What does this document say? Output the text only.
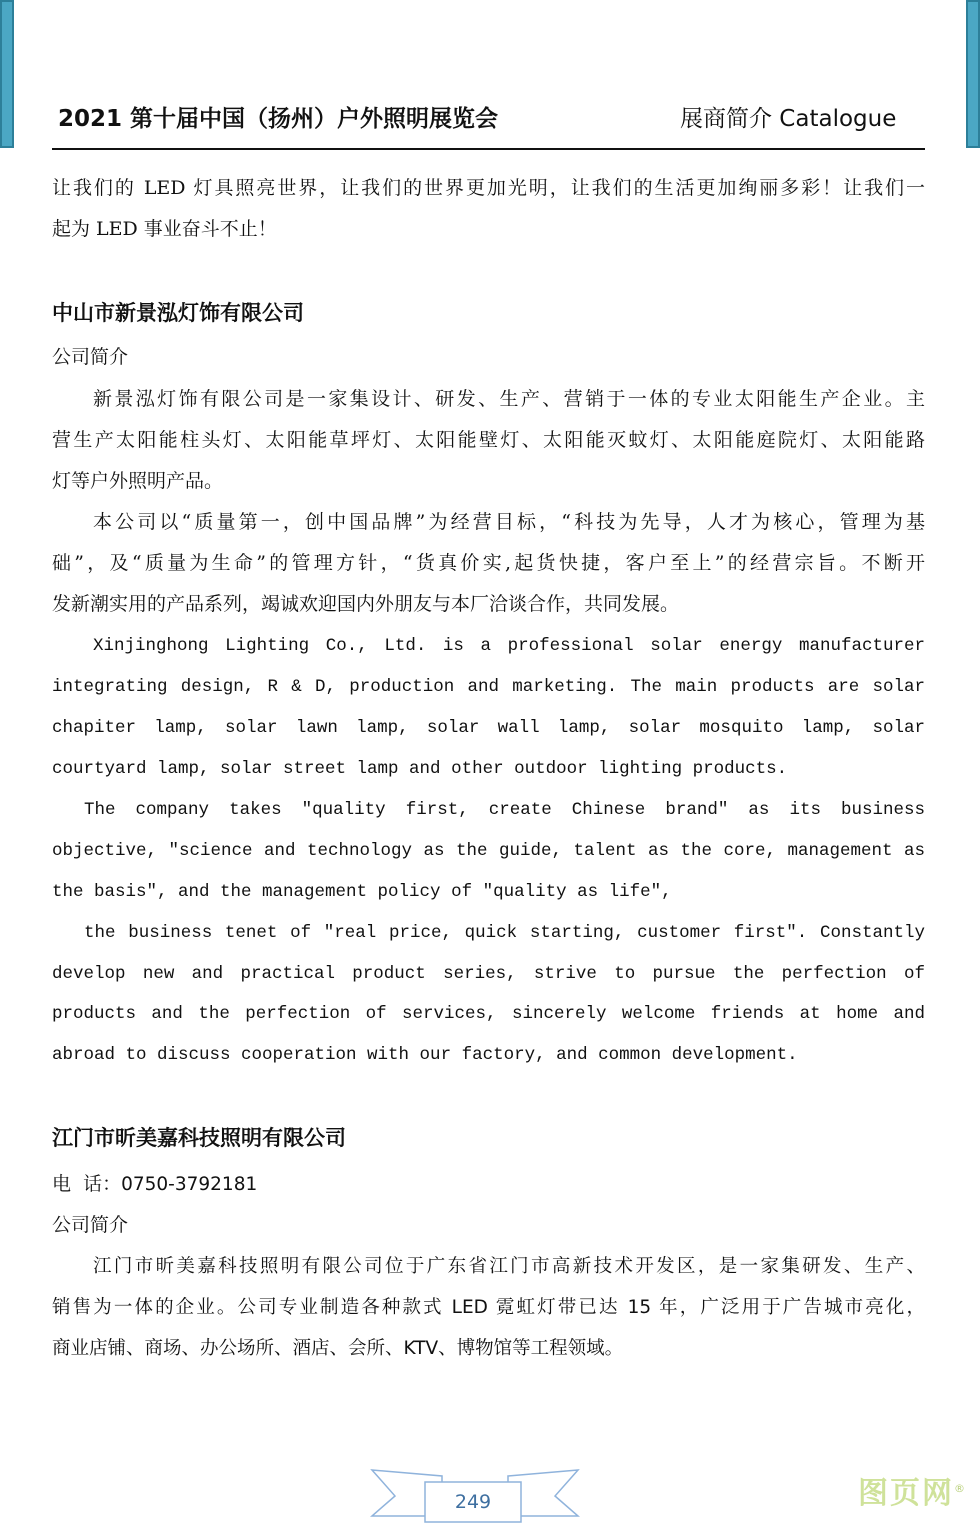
2021 第十届中国（扬州）户外照明展览会	展商简介 Catalogue
让我们的 LED 灯具照亮世界，让我们的世界更加光明，让我们的生活更加绚丽多彩！让我们一
起为 LED 事业奋斗不止！
中山市新景泓灯饰有限公司
公司简介
新景泓灯饰有限公司是一家集设计、研发、生产、营销于一体的专业太阳能生产企业。主
营生产太阳能柱头灯、太阳能草坪灯、太阳能壁灯、太阳能灭蚊灯、太阳能庭院灯、太阳能路
灯等户外照明产品。
本公司以“质量第一，创中国品牌”为经营目标，“科技为先导，人才为核心，管理为基
础”，及“质量为生命”的管理方针，“货真价实,起货快捷，客户至上”的经营宗旨。不断开
发新潮实用的产品系列，竭诚欢迎国内外朋友与本厂洽谈合作，共同发展。
Xinjinghong Lighting Co., Ltd. is a professional solar energy manufacturer
integrating design, R & D, production and marketing. The main products are solar
chapiter lamp, solar lawn lamp, solar wall lamp, solar mosquito lamp, solar
courtyard lamp, solar street lamp and other outdoor lighting products.
The company takes "quality first, create Chinese brand" as its business
objective, "science and technology as the guide, talent as the core, management as
the basis", and the management policy of "quality as life",
the business tenet of "real price, quick starting, customer first". Constantly
develop new and practical product series, strive to pursue the perfection of
products and the perfection of services, sincerely welcome friends at home and
abroad to discuss cooperation with our factory, and common development.
江门市昕美嘉科技照明有限公司
电  话：0750-3792181
公司简介
江门市昕美嘉科技照明有限公司位于广东省江门市高新技术开发区，是一家集研发、生产、
销售为一体的企业。公司专业制造各种款式 LED 霓虹灯带已达 15 年，广泛用于广告城市亮化，
商业店铺、商场、办公场所、酒店、会所、KTV、博物馆等工程领域。
249	图页网®
